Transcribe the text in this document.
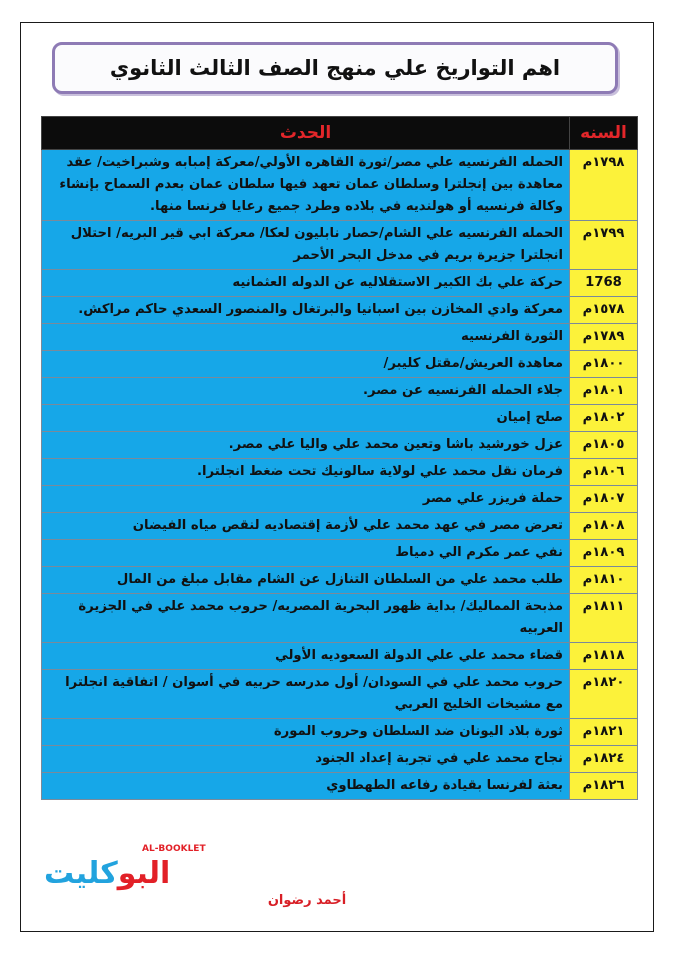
اهم التواريخ علي منهج الصف الثالث الثانوي
السنه	الحدث
١٧٩٨م	الحمله الفرنسيه علي مصر/ثورة القاهره الأولي/معركة إمبابه وشبراخيت/ عقد معاهدة بين إنجلترا وسلطان عمان تعهد فيها سلطان عمان بعدم السماح بإنشاء وكالة فرنسيه أو هولنديه في بلاده وطرد جميع رعايا فرنسا منها.
١٧٩٩م	الحمله الفرنسيه علي الشام/حصار نابليون لعكا/ معركة ابي قير البريه/ احتلال انجلترا جزيرة بريم في مدخل البحر الأحمر
1768	حركة علي بك الكبير الاستقلاليه عن الدوله العثمانيه
١٥٧٨م	معركة وادي المخازن بين اسبانيا والبرتغال والمنصور السعدي حاكم مراكش.
١٧٨٩م	الثورة الفرنسيه
١٨٠٠م	معاهدة العريش/مقتل كليبر/
١٨٠١م	جلاء الحمله الفرنسيه عن مصر.
١٨٠٢م	صلح إميان
١٨٠٥م	عزل خورشيد باشا وتعين محمد علي واليا علي مصر.
١٨٠٦م	فرمان نقل محمد علي لولاية سالونيك تحت ضغط انجلترا.
١٨٠٧م	حملة فريزر علي مصر
١٨٠٨م	تعرض مصر في عهد محمد علي لأزمة إقتصاديه لنقص مياه الفيضان
١٨٠٩م	نفي عمر مكرم الي دمياط
١٨١٠م	طلب محمد علي من السلطان التنازل عن الشام مقابل مبلغ من المال
١٨١١م	مذبحة المماليك/ بداية ظهور البحرية المصريه/ حروب محمد علي في الجزيرة العربيه
١٨١٨م	قضاء محمد علي علي الدولة السعوديه الأولي
١٨٢٠م	حروب محمد علي في السودان/ أول مدرسه حربيه في أسوان / اتفاقية انجلترا مع مشيخات الخليج العربي
١٨٢١م	ثورة بلاد اليونان ضد السلطان وحروب المورة
١٨٢٤م	نجاح محمد علي في تجربة إعداد الجنود
١٨٢٦م	بعثة لفرنسا بقيادة رفاعه الطهطاوي
AL-BOOKLET
البوكليت
أحمد رضوان
